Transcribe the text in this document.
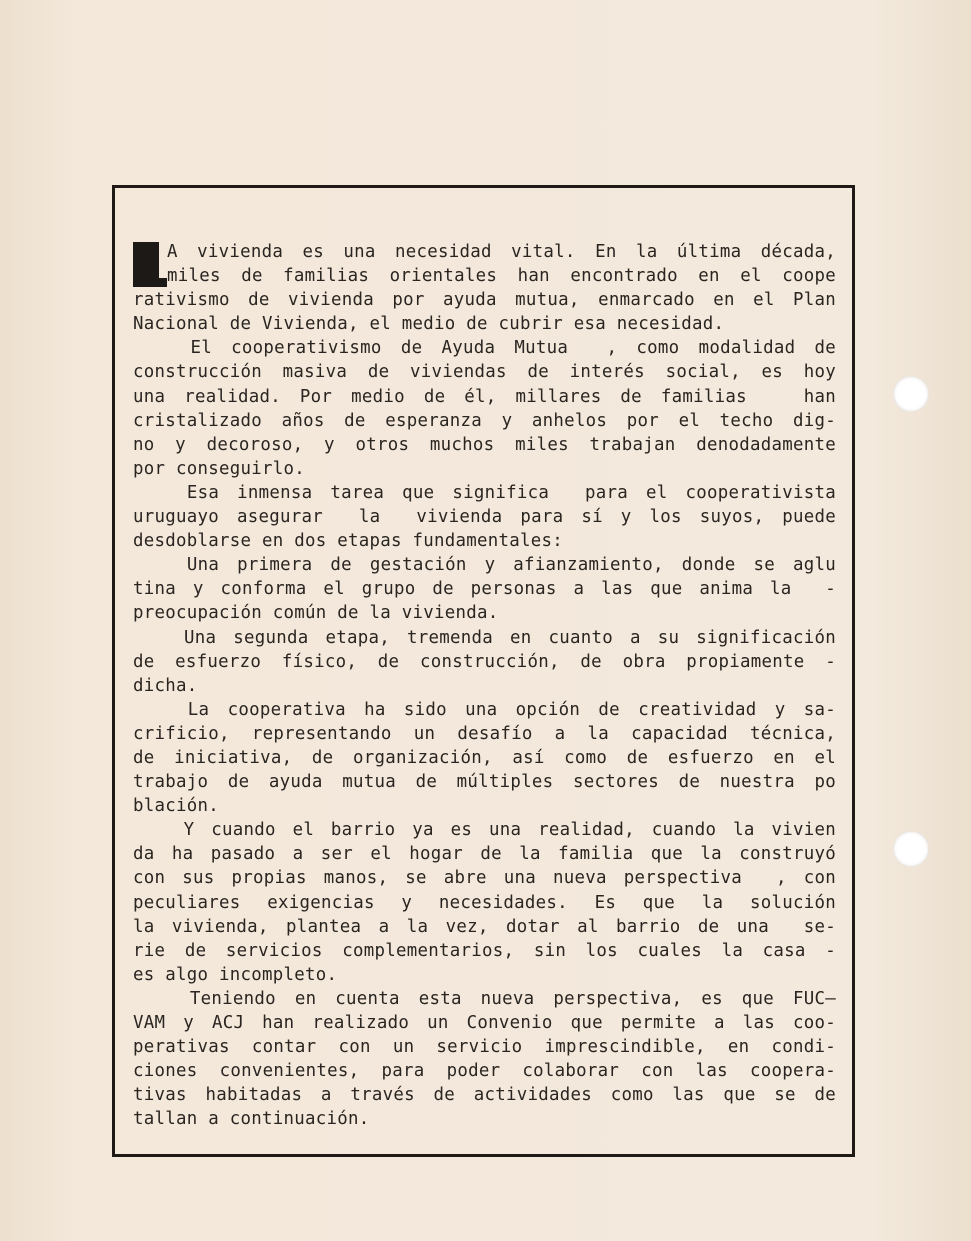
A vivienda es una necesidad vital. En la última década,
miles de familias orientales han encontrado en el coope
rativismo de vivienda por ayuda mutua, enmarcado en el Plan
Nacional de Vivienda, el medio de cubrir esa necesidad.
El cooperativismo de Ayuda Mutua  , como modalidad de
construcción masiva de viviendas de interés social, es hoy
una realidad. Por medio de él, millares de familias   han
cristalizado años de esperanza y anhelos por el techo dig-
no y decoroso, y otros muchos miles trabajan denodadamente
por conseguirlo.
Esa inmensa tarea que significa  para el cooperativista
uruguayo asegurar  la  vivienda para sí y los suyos, puede
desdoblarse en dos etapas fundamentales:
Una primera de gestación y afianzamiento, donde se aglu
tina y conforma el grupo de personas a las que anima la  -
preocupación común de la vivienda.
Una segunda etapa, tremenda en cuanto a su significación
de esfuerzo físico, de construcción, de obra propiamente -
dicha.
La cooperativa ha sido una opción de creatividad y sa-
crificio, representando un desafío a la capacidad técnica,
de iniciativa, de organización, así como de esfuerzo en el
trabajo de ayuda mutua de múltiples sectores de nuestra po
blación.
Y cuando el barrio ya es una realidad, cuando la vivien
da ha pasado a ser el hogar de la familia que la construyó
con sus propias manos, se abre una nueva perspectiva  , con
peculiares exigencias y necesidades. Es que la solución
la vivienda, plantea a la vez, dotar al barrio de una  se-
rie de servicios complementarios, sin los cuales la casa -
es algo incompleto.
Teniendo en cuenta esta nueva perspectiva, es que FUC—
VAM y ACJ han realizado un Convenio que permite a las coo-
perativas contar con un servicio imprescindible, en condi-
ciones convenientes, para poder colaborar con las coopera-
tivas habitadas a través de actividades como las que se de
tallan a continuación.
